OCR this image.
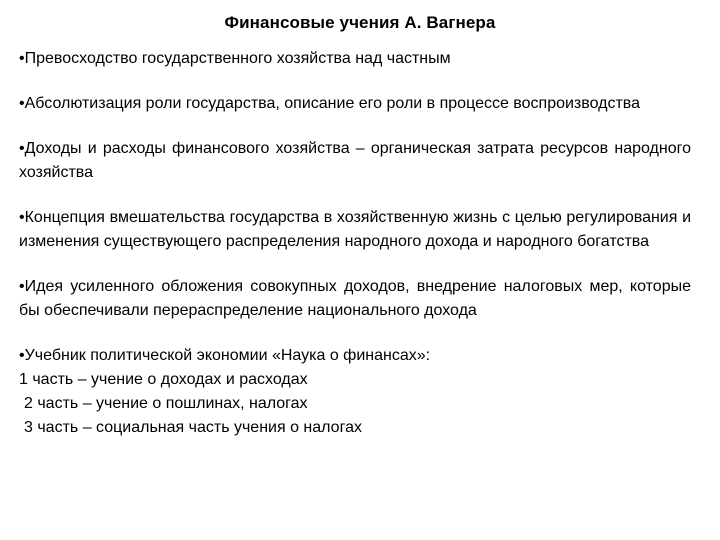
Финансовые учения А. Вагнера
•Превосходство государственного хозяйства над частным
•Абсолютизация роли государства, описание его роли в процессе воспроизводства
•Доходы и расходы финансового хозяйства – органическая затрата ресурсов народного хозяйства
•Концепция вмешательства государства в хозяйственную жизнь с целью регулирования и изменения существующего распределения народного дохода и народного богатства
•Идея усиленного обложения совокупных доходов, внедрение налоговых мер, которые бы обеспечивали перераспределение национального дохода
•Учебник политической экономии «Наука о финансах»:
1 часть – учение о доходах и расходах
2 часть – учение о пошлинах, налогах
3 часть – социальная часть учения о налогах
